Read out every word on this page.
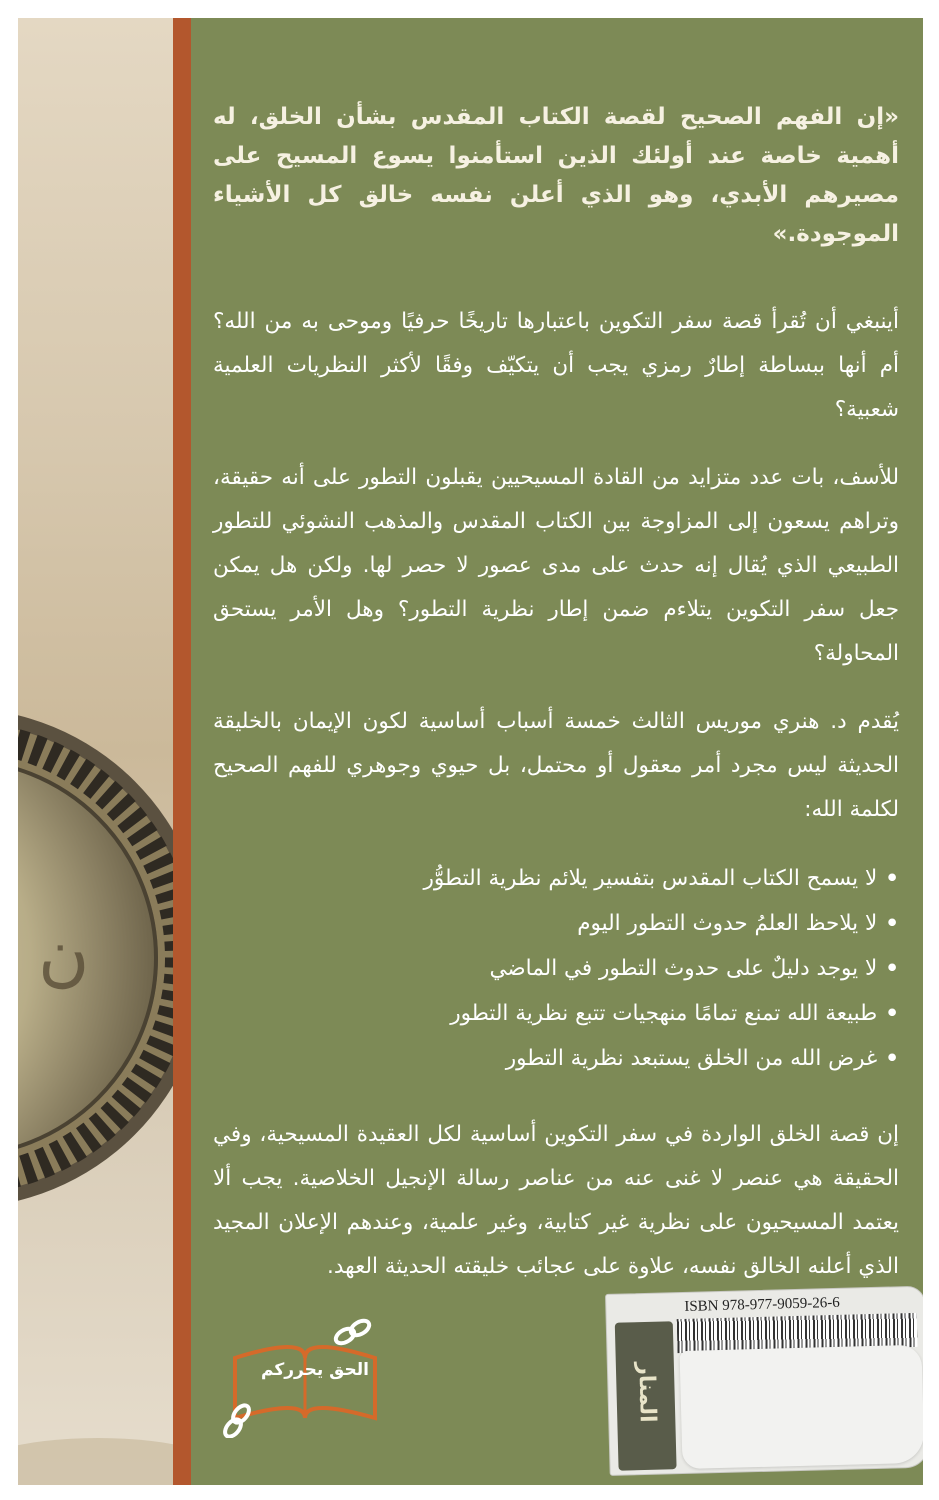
ن

«إن الفهم الصحيح لقصة الكتاب المقدس بشأن الخلق، له أهمية خاصة عند أولئك الذين استأمنوا يسوع المسيح على مصيرهم الأبدي، وهو الذي أعلن نفسه خالق كل الأشياء الموجودة.»

أينبغي أن تُقرأ قصة سفر التكوين باعتبارها تاريخًا حرفيًا وموحى به من الله؟ أم أنها ببساطة إطارٌ رمزي يجب أن يتكيّف وفقًا لأكثر النظريات العلمية شعبية؟

للأسف، بات عدد متزايد من القادة المسيحيين يقبلون التطور على أنه حقيقة، وتراهم يسعون إلى المزاوجة بين الكتاب المقدس والمذهب النشوئي للتطور الطبيعي الذي يُقال إنه حدث على مدى عصور لا حصر لها. ولكن هل يمكن جعل سفر التكوين يتلاءم ضمن إطار نظرية التطور؟ وهل الأمر يستحق المحاولة؟

يُقدم د. هنري موريس الثالث خمسة أسباب أساسية لكون الإيمان بالخليقة الحديثة ليس مجرد أمر معقول أو محتمل، بل حيوي وجوهري للفهم الصحيح لكلمة الله:

•
لا يسمح الكتاب المقدس بتفسير يلائم نظرية التطوُّر
•
لا يلاحظ العلمُ حدوث التطور اليوم
•
لا يوجد دليلٌ على حدوث التطور في الماضي
•
طبيعة الله تمنع تمامًا منهجيات تتبع نظرية التطور
•
غرض الله من الخلق يستبعد نظرية التطور

إن قصة الخلق الواردة في سفر التكوين أساسية لكل العقيدة المسيحية، وفي الحقيقة هي عنصر لا غنى عنه من عناصر رسالة الإنجيل الخلاصية. يجب ألا يعتمد المسيحيون على نظرية غير كتابية، وغير علمية، وعندهم الإعلان المجيد الذي أعلنه الخالق نفسه، علاوة على عجائب خليقته الحديثة العهد.

الحق يحرركم
ISBN 978-977-9059-26-6
المنار
